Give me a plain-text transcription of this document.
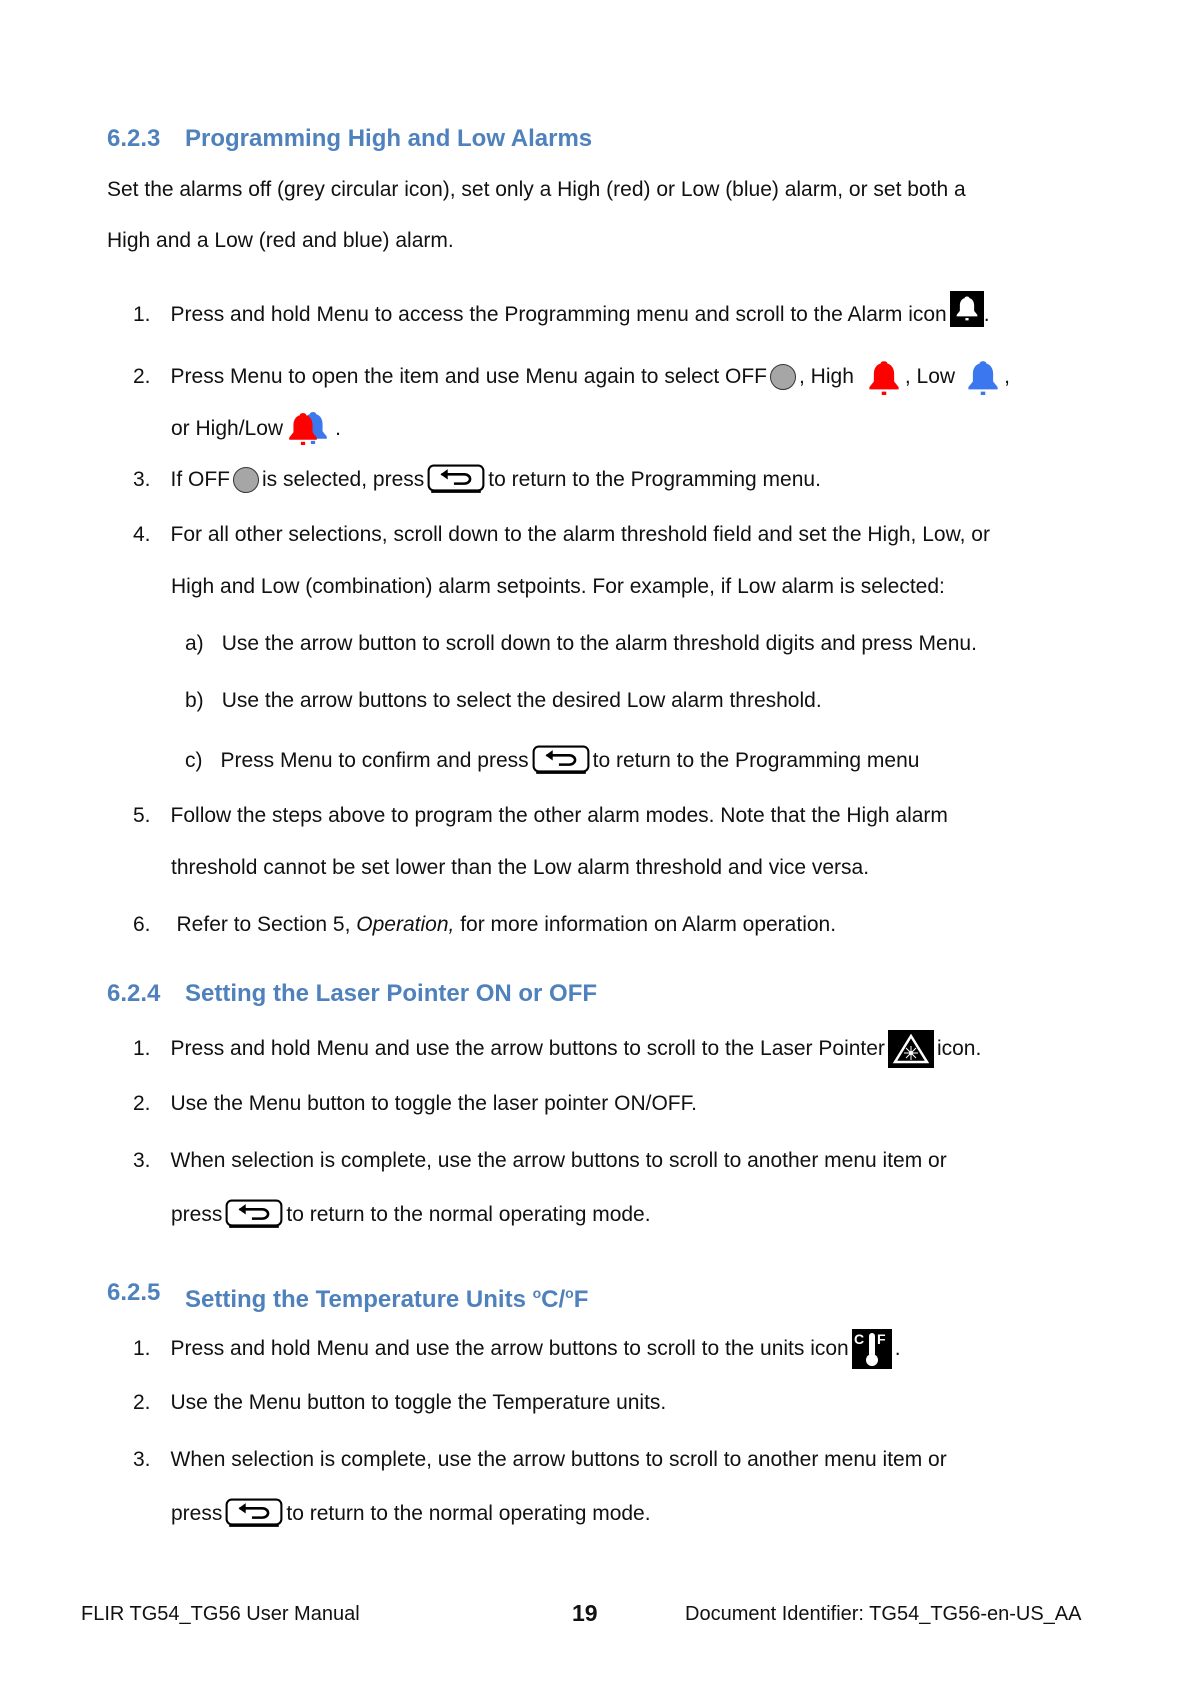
6.2.3 Programming High and Low Alarms
Set the alarms off (grey circular icon), set only a High (red) or Low (blue) alarm, or set both a
High and a Low (red and blue) alarm.
1. Press and hold Menu to access the Programming menu and scroll to the Alarm icon .
2. Press Menu to open the item and use Menu again to select OFF , High , Low ,
or High/Low .
3. If OFF is selected, press	to return to the Programming menu.
4. For all other selections, scroll down to the alarm threshold field and set the High, Low, or
High and Low (combination) alarm setpoints. For example, if Low alarm is selected:
a) Use the arrow button to scroll down to the alarm threshold digits and press Menu.
b) Use the arrow buttons to select the desired Low alarm threshold.
c) Press Menu to confirm and press	to return to the Programming menu
5. Follow the steps above to program the other alarm modes. Note that the High alarm
threshold cannot be set lower than the Low alarm threshold and vice versa.
6. Refer to Section 5,
Operation,
for more information on Alarm operation.
6.2.4 Setting the Laser Pointer ON or OFF
1. Press and hold Menu and use the arrow buttons to scroll to the Laser Pointer icon.
2. Use the Menu button to toggle the laser pointer ON/OFF.
3. When selection is complete, use the arrow buttons to scroll to another menu item or
press	to return to the normal operating mode.
6.2.5 Setting the Temperature Units $^o$C/$^o$F
1. Press and hold Menu and use the arrow buttons to scroll to the units icon C F .
2. Use the Menu button to toggle the Temperature units.
3. When selection is complete, use the arrow buttons to scroll to another menu item or
press	to return to the normal operating mode.
FLIR TG54_TG56 User Manual	19	Document Identifier: TG54_TG56-en-US_AA
